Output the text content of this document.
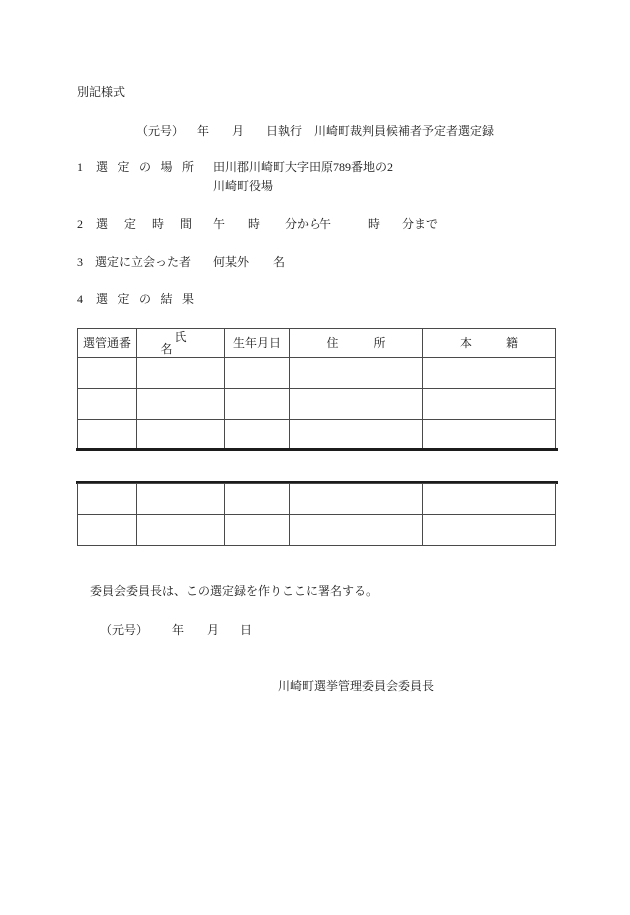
別記様式
（元号） 年 月 日執行 川崎町裁判員候補者予定者選定録
1 選定の場所 田川郡川崎町大字田原789番地の2
川崎町役場
2 選定時間 午 時 分から
午	時 分まで
3 選定に立会った者 何某外 名
4 選定の結果
選管通番	氏名	生年月日	住所	本籍

委員会委員長は、この選定録を作りここに署名する。
（元号） 年 月 日
川崎町選挙管理委員会委員長
